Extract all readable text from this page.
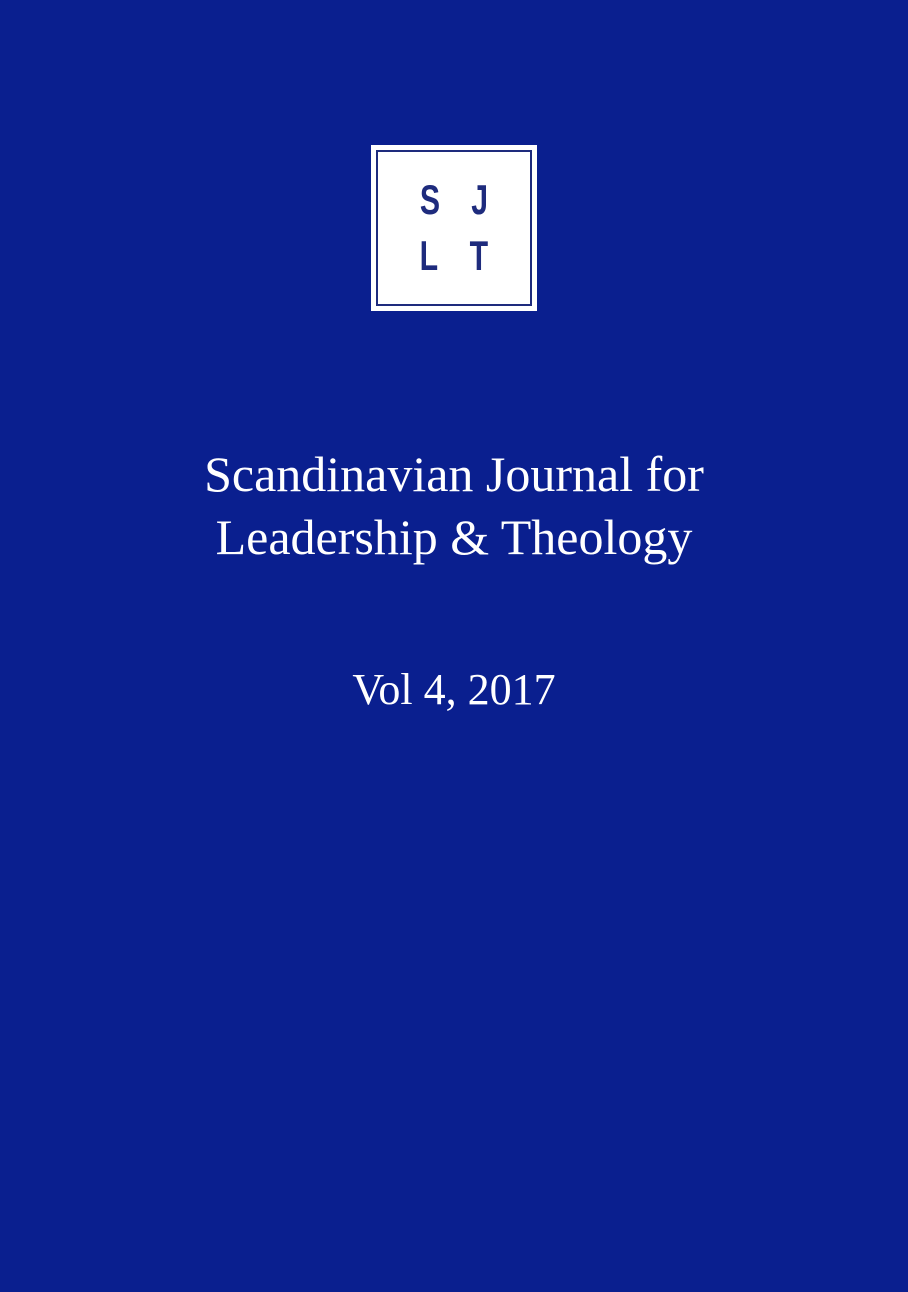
S J
L T
Scandinavian Journal for
Leadership & Theology
Vol 4, 2017
